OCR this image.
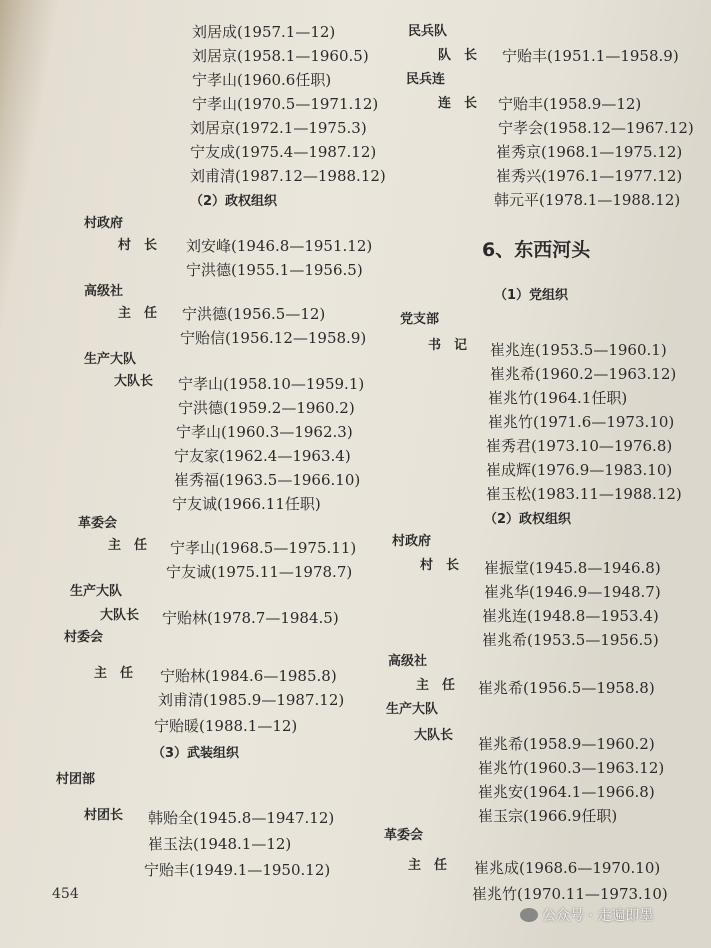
刘居成(1957.1—12)
刘居京(1958.1—1960.5)
宁孝山(1960.6任职)
宁孝山(1970.5—1971.12)
刘居京(1972.1—1975.3)
宁友成(1975.4—1987.12)
刘甫清(1987.12—1988.12)
（2）政权组织
村政府
村　长 刘安峰(1946.8—1951.12)
宁洪德(1955.1—1956.5)
高级社
主　任 宁洪德(1956.5—12)
宁贻信(1956.12—1958.9)
生产大队
大队长 宁孝山(1958.10—1959.1)
宁洪德(1959.2—1960.2)
宁孝山(1960.3—1962.3)
宁友家(1962.4—1963.4)
崔秀福(1963.5—1966.10)
宁友诚(1966.11任职)
革委会
主　任 宁孝山(1968.5—1975.11)
宁友诚(1975.11—1978.7)
生产大队
大队长 宁贻林(1978.7—1984.5)
村委会
主　任 宁贻林(1984.6—1985.8)
刘甫清(1985.9—1987.12)
宁贻暖(1988.1—12)
（3）武装组织
村团部
村团长 韩贻全(1945.8—1947.12)
崔玉法(1948.1—12)
宁贻丰(1949.1—1950.12)
民兵队
队　长 宁贻丰(1951.1—1958.9)
民兵连
连　长 宁贻丰(1958.9—12)
宁孝会(1958.12—1967.12)
崔秀京(1968.1—1975.12)
崔秀兴(1976.1—1977.12)
韩元平(1978.1—1988.12)
6、东西河头
（1）党组织
党支部
书　记 崔兆连(1953.5—1960.1)
崔兆希(1960.2—1963.12)
崔兆竹(1964.1任职)
崔兆竹(1971.6—1973.10)
崔秀君(1973.10—1976.8)
崔成辉(1976.9—1983.10)
崔玉松(1983.11—1988.12)
（2）政权组织
村政府
村　长 崔振堂(1945.8—1946.8)
崔兆华(1946.9—1948.7)
崔兆连(1948.8—1953.4)
崔兆希(1953.5—1956.5)
高级社
主　任 崔兆希(1956.5—1958.8)
生产大队
大队长 崔兆希(1958.9—1960.2)
崔兆竹(1960.3—1963.12)
崔兆安(1964.1—1966.8)
崔玉宗(1966.9任职)
革委会
主　任 崔兆成(1968.6—1970.10)
崔兆竹(1970.11—1973.10)
454
公众号 · 走遍即墨
